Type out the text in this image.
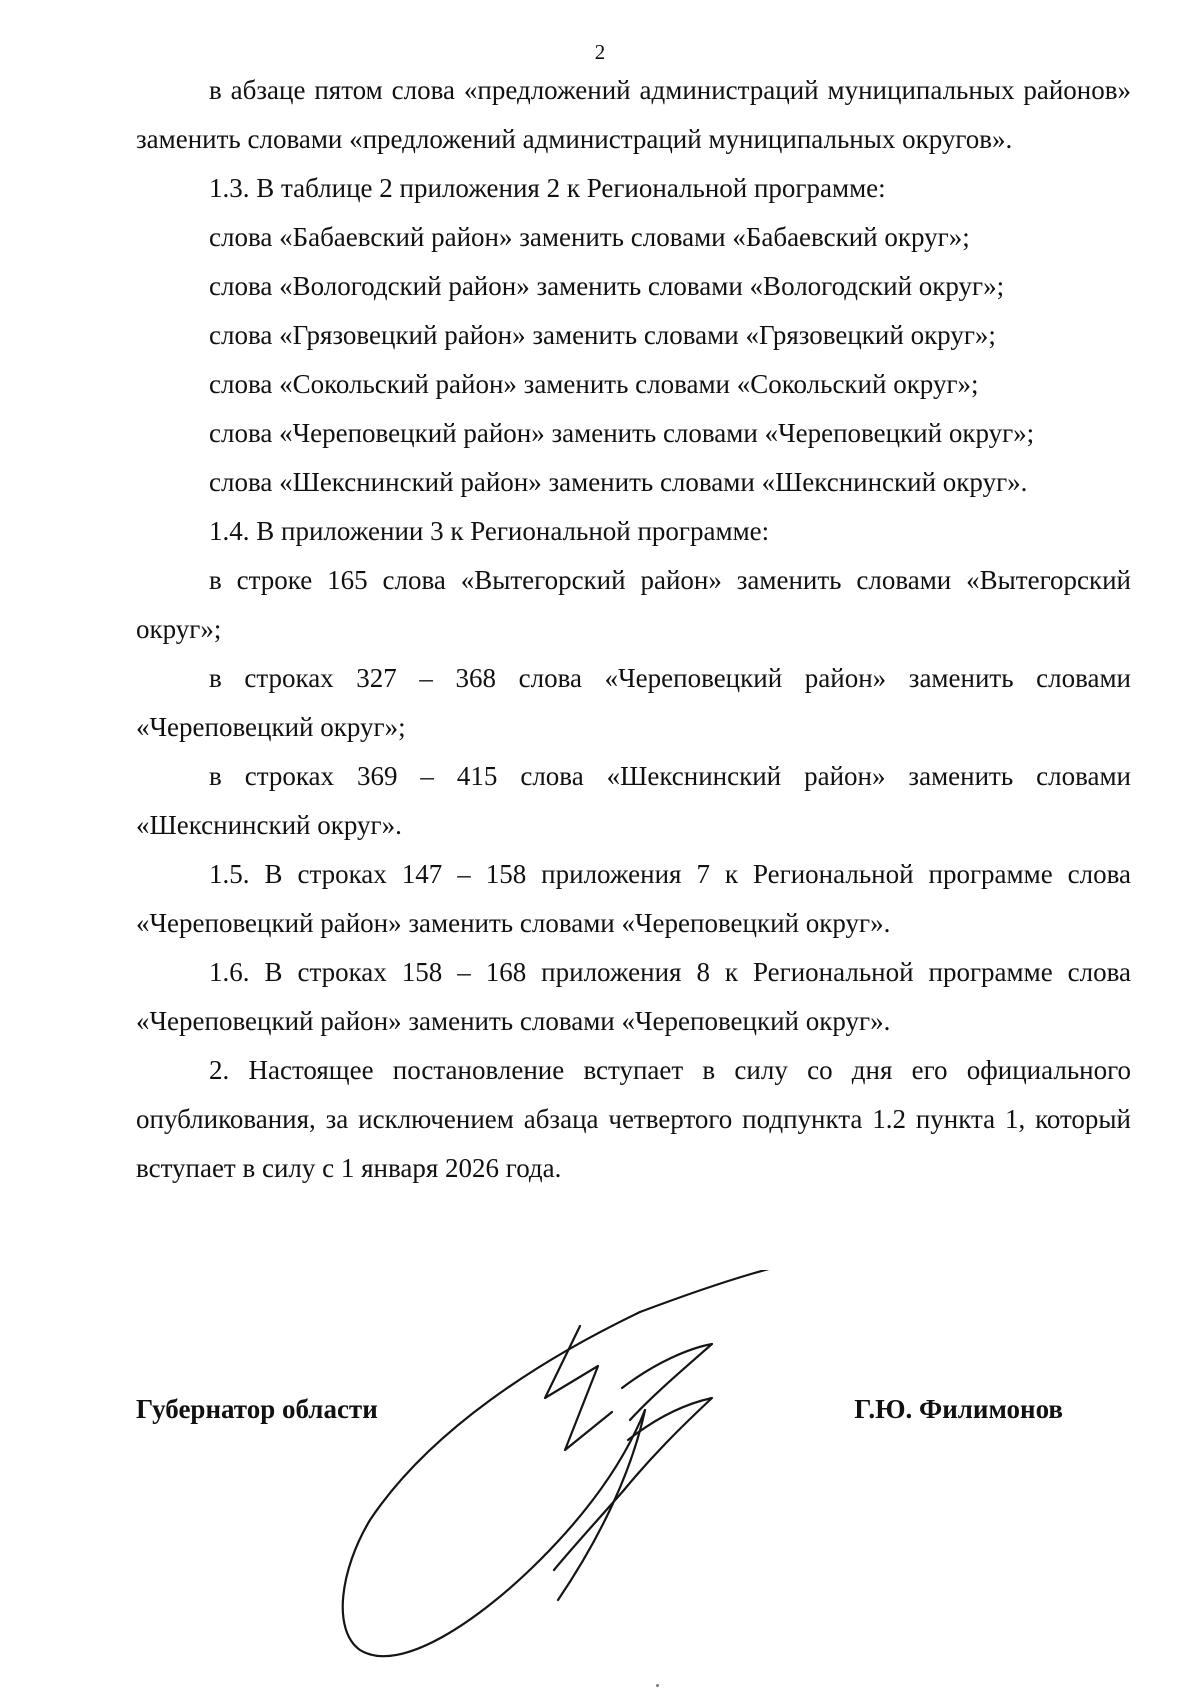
2

в абзаце пятом слова «предложений администраций муниципальных районов» заменить словами «предложений администраций муниципальных округов».

1.3. В таблице 2 приложения 2 к Региональной программе:

слова «Бабаевский район» заменить словами «Бабаевский округ»;

слова «Вологодский район» заменить словами «Вологодский округ»;

слова «Грязовецкий район» заменить словами «Грязовецкий округ»;

слова «Сокольский район» заменить словами «Сокольский округ»;

слова «Череповецкий район» заменить словами «Череповецкий округ»;

слова «Шекснинский район» заменить словами «Шекснинский округ».

1.4. В приложении 3 к Региональной программе:

в строке 165 слова «Вытегорский район» заменить словами «Вытегорский округ»;

в строках 327 – 368 слова «Череповецкий район» заменить словами «Череповецкий округ»;

в строках 369 – 415 слова «Шекснинский район» заменить словами «Шекснинский округ».

1.5. В строках 147 – 158 приложения 7 к Региональной программе слова «Череповецкий район» заменить словами «Череповецкий округ».

1.6. В строках 158 – 168 приложения 8 к Региональной программе слова «Череповецкий район» заменить словами «Череповецкий округ».

2. Настоящее постановление вступает в силу со дня его официального опубликования, за исключением абзаца четвертого подпункта 1.2 пункта 1, который вступает в силу с 1 января 2026 года.

Губернатор области	Г.Ю. Филимонов
